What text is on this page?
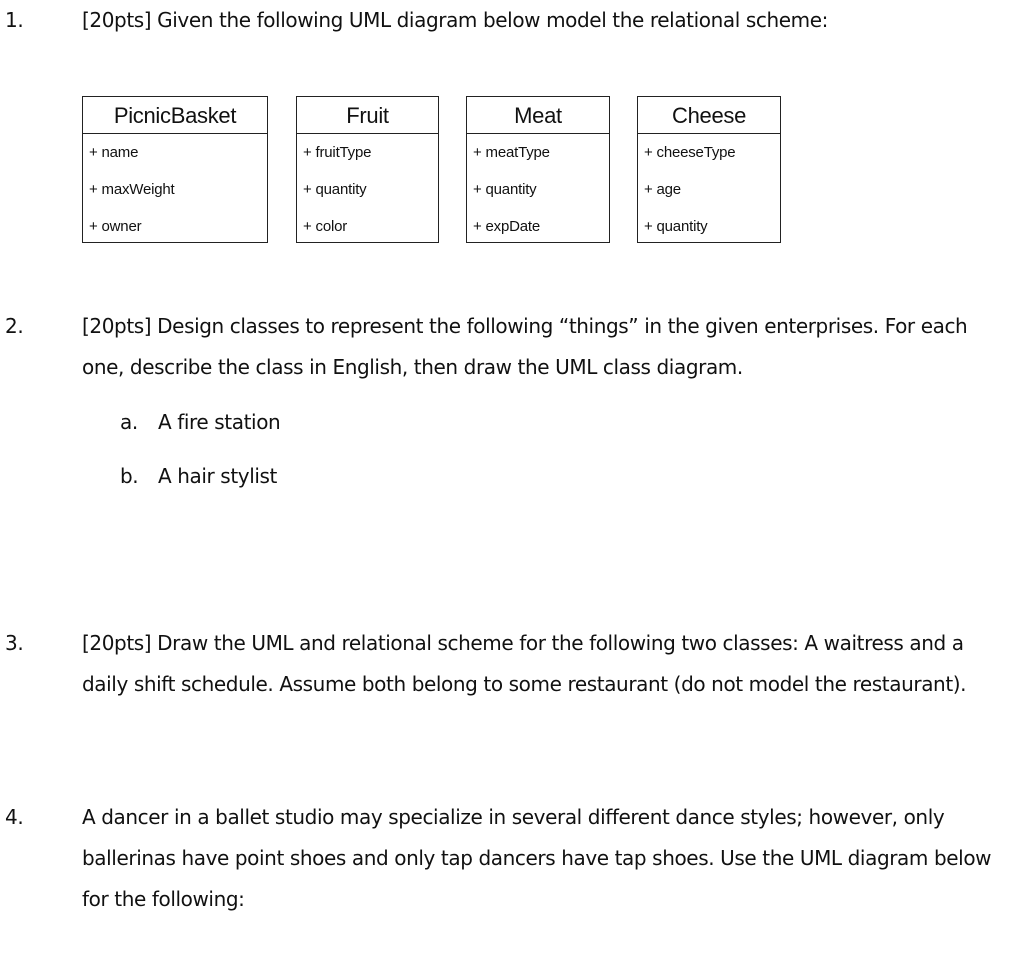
1.	[20pts] Given the following UML diagram below model the relational scheme:
PicnicBasket
+ name
+ maxWeight
+ owner
Fruit
+ fruitType
+ quantity
+ color
Meat
+ meatType
+ quantity
+ expDate
Cheese
+ cheeseType
+ age
+ quantity
2.	[20pts] Design classes to represent the following “things” in the given enterprises. For each one, describe the class in English, then draw the UML class diagram.
a. A fire station
b. A hair stylist
3.	[20pts] Draw the UML and relational scheme for the following two classes: A waitress and a daily shift schedule. Assume both belong to some restaurant (do not model the restaurant).
4.	A dancer in a ballet studio may specialize in several different dance styles; however, only ballerinas have point shoes and only tap dancers have tap shoes. Use the UML diagram below for the following:
